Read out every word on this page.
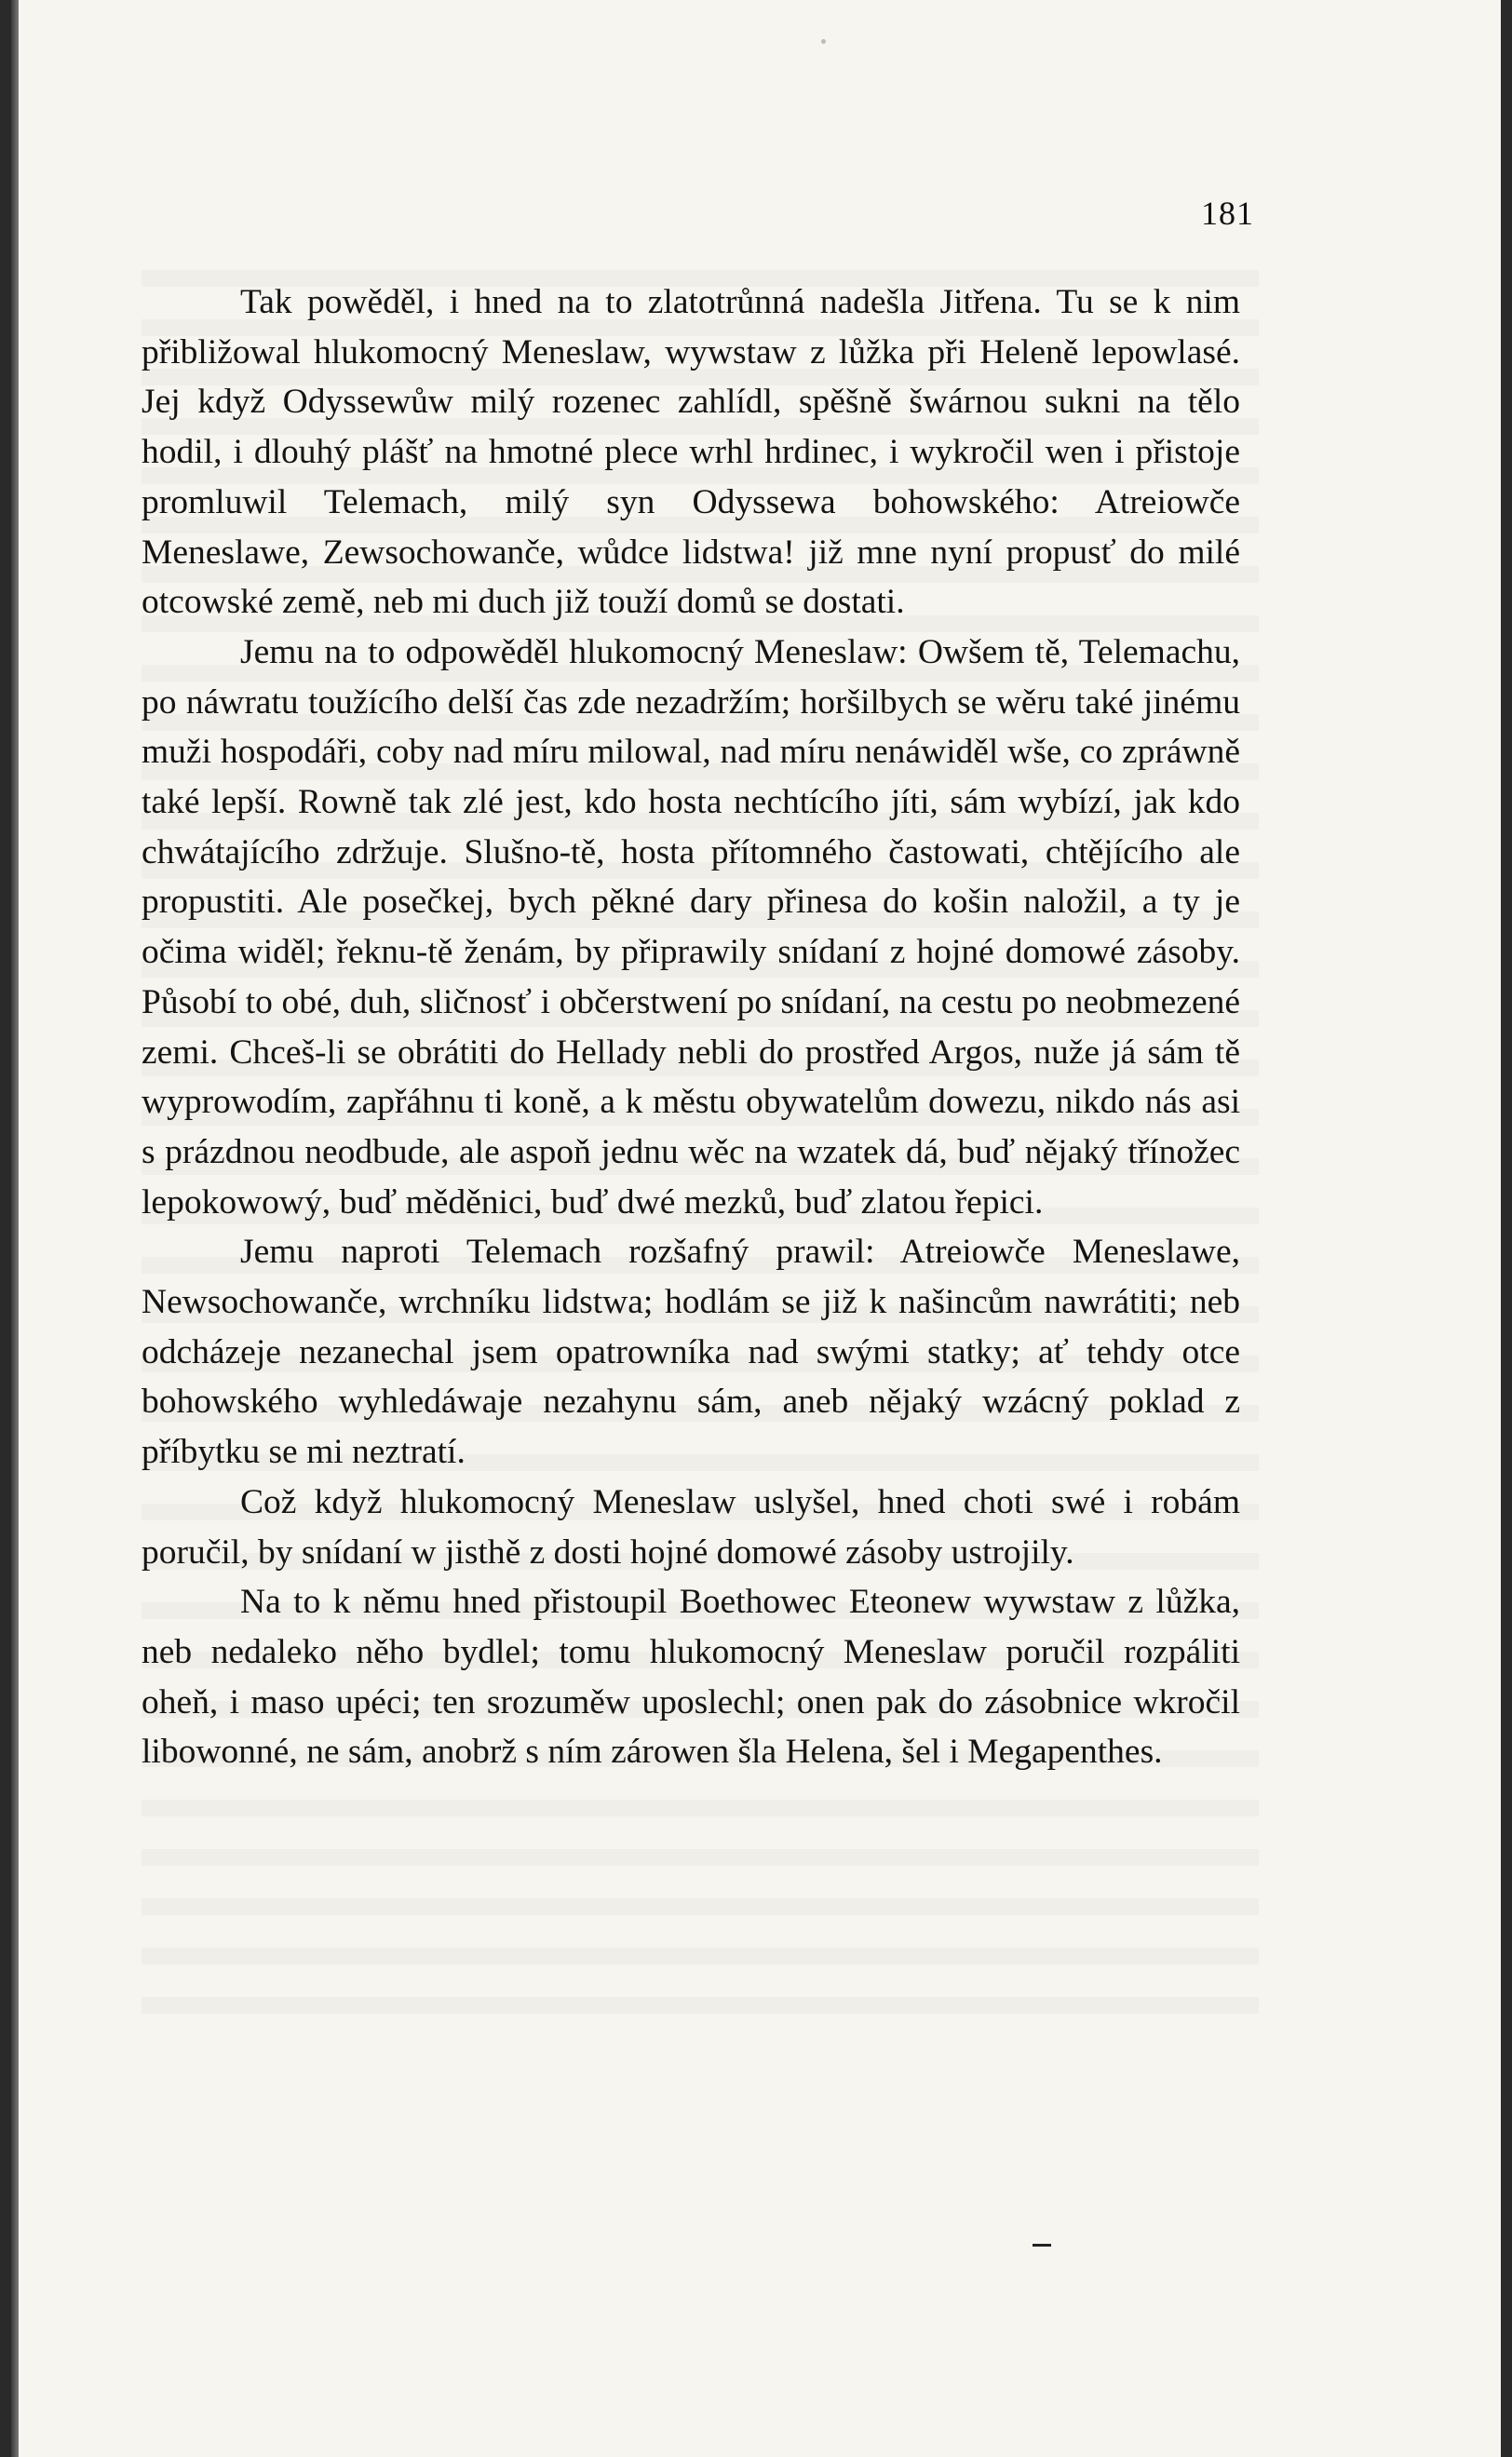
181

Tak powěděl, i hned na to zlatotrůnná nadešla Jitřena. Tu se k nim přibližowal hlukomocný Meneslaw, wywstaw z lůžka při Heleně lepowlasé. Jej když Odyssewůw milý rozenec zahlídl, spěšně šwárnou sukni na tělo hodil, i dlouhý plášť na hmotné plece wrhl hrdinec, i wykročil wen i přistoje promluwil Telemach, milý syn Odyssewa bohowského: Atreiowče Meneslawe, Zewsochowanče, wůdce lidstwa! již mne nyní propusť do milé otcowské země, neb mi duch již touží domů se dostati.

Jemu na to odpowěděl hlukomocný Meneslaw: Owšem tě, Telemachu, po náwratu toužícího delší čas zde nezadržím; horšilbych se wěru také jinému muži hospodáři, coby nad míru milowal, nad míru nenáwiděl wše, co zpráwně také lepší. Rowně tak zlé jest, kdo hosta nechtícího jíti, sám wybízí, jak kdo chwátajícího zdržuje. Slušno-tě, hosta přítomného častowati, chtějícího ale propustiti. Ale posečkej, bych pěkné dary přinesa do košin naložil, a ty je očima widěl; řeknu-tě ženám, by připrawily snídaní z hojné domowé zásoby. Působí to obé, duh, sličnosť i občerstwení po snídaní, na cestu po neobmezené zemi. Chceš-li se obrátiti do Hellady nebli do prostřed Argos, nuže já sám tě wyprowodím, zapřáhnu ti koně, a k městu obywatelům dowezu, nikdo nás asi s prázdnou neodbude, ale aspoň jednu wěc na wzatek dá, buď nějaký třínožec lepokowowý, buď měděnici, buď dwé mezků, buď zlatou řepici.

Jemu naproti Telemach rozšafný prawil: Atreiowče Meneslawe, Newsochowanče, wrchníku lidstwa; hodlám se již k našincům nawrátiti; neb odcházeje nezanechal jsem opatrowníka nad swými statky; ať tehdy otce bohowského wyhledáwaje nezahynu sám, aneb nějaký wzácný poklad z příbytku se mi neztratí.

Což když hlukomocný Meneslaw uslyšel, hned choti swé i robám poručil, by snídaní w jisthě z dosti hojné domowé zásoby ustrojily.

Na to k němu hned přistoupil Boethowec Eteonew wywstaw z lůžka, neb nedaleko něho bydlel; tomu hlukomocný Meneslaw poručil rozpáliti oheň, i maso upéci; ten srozuměw uposlechl; onen pak do zásobnice wkročil libowonné, ne sám, anobrž s ním zárowen šla Helena, šel i Megapenthes.
